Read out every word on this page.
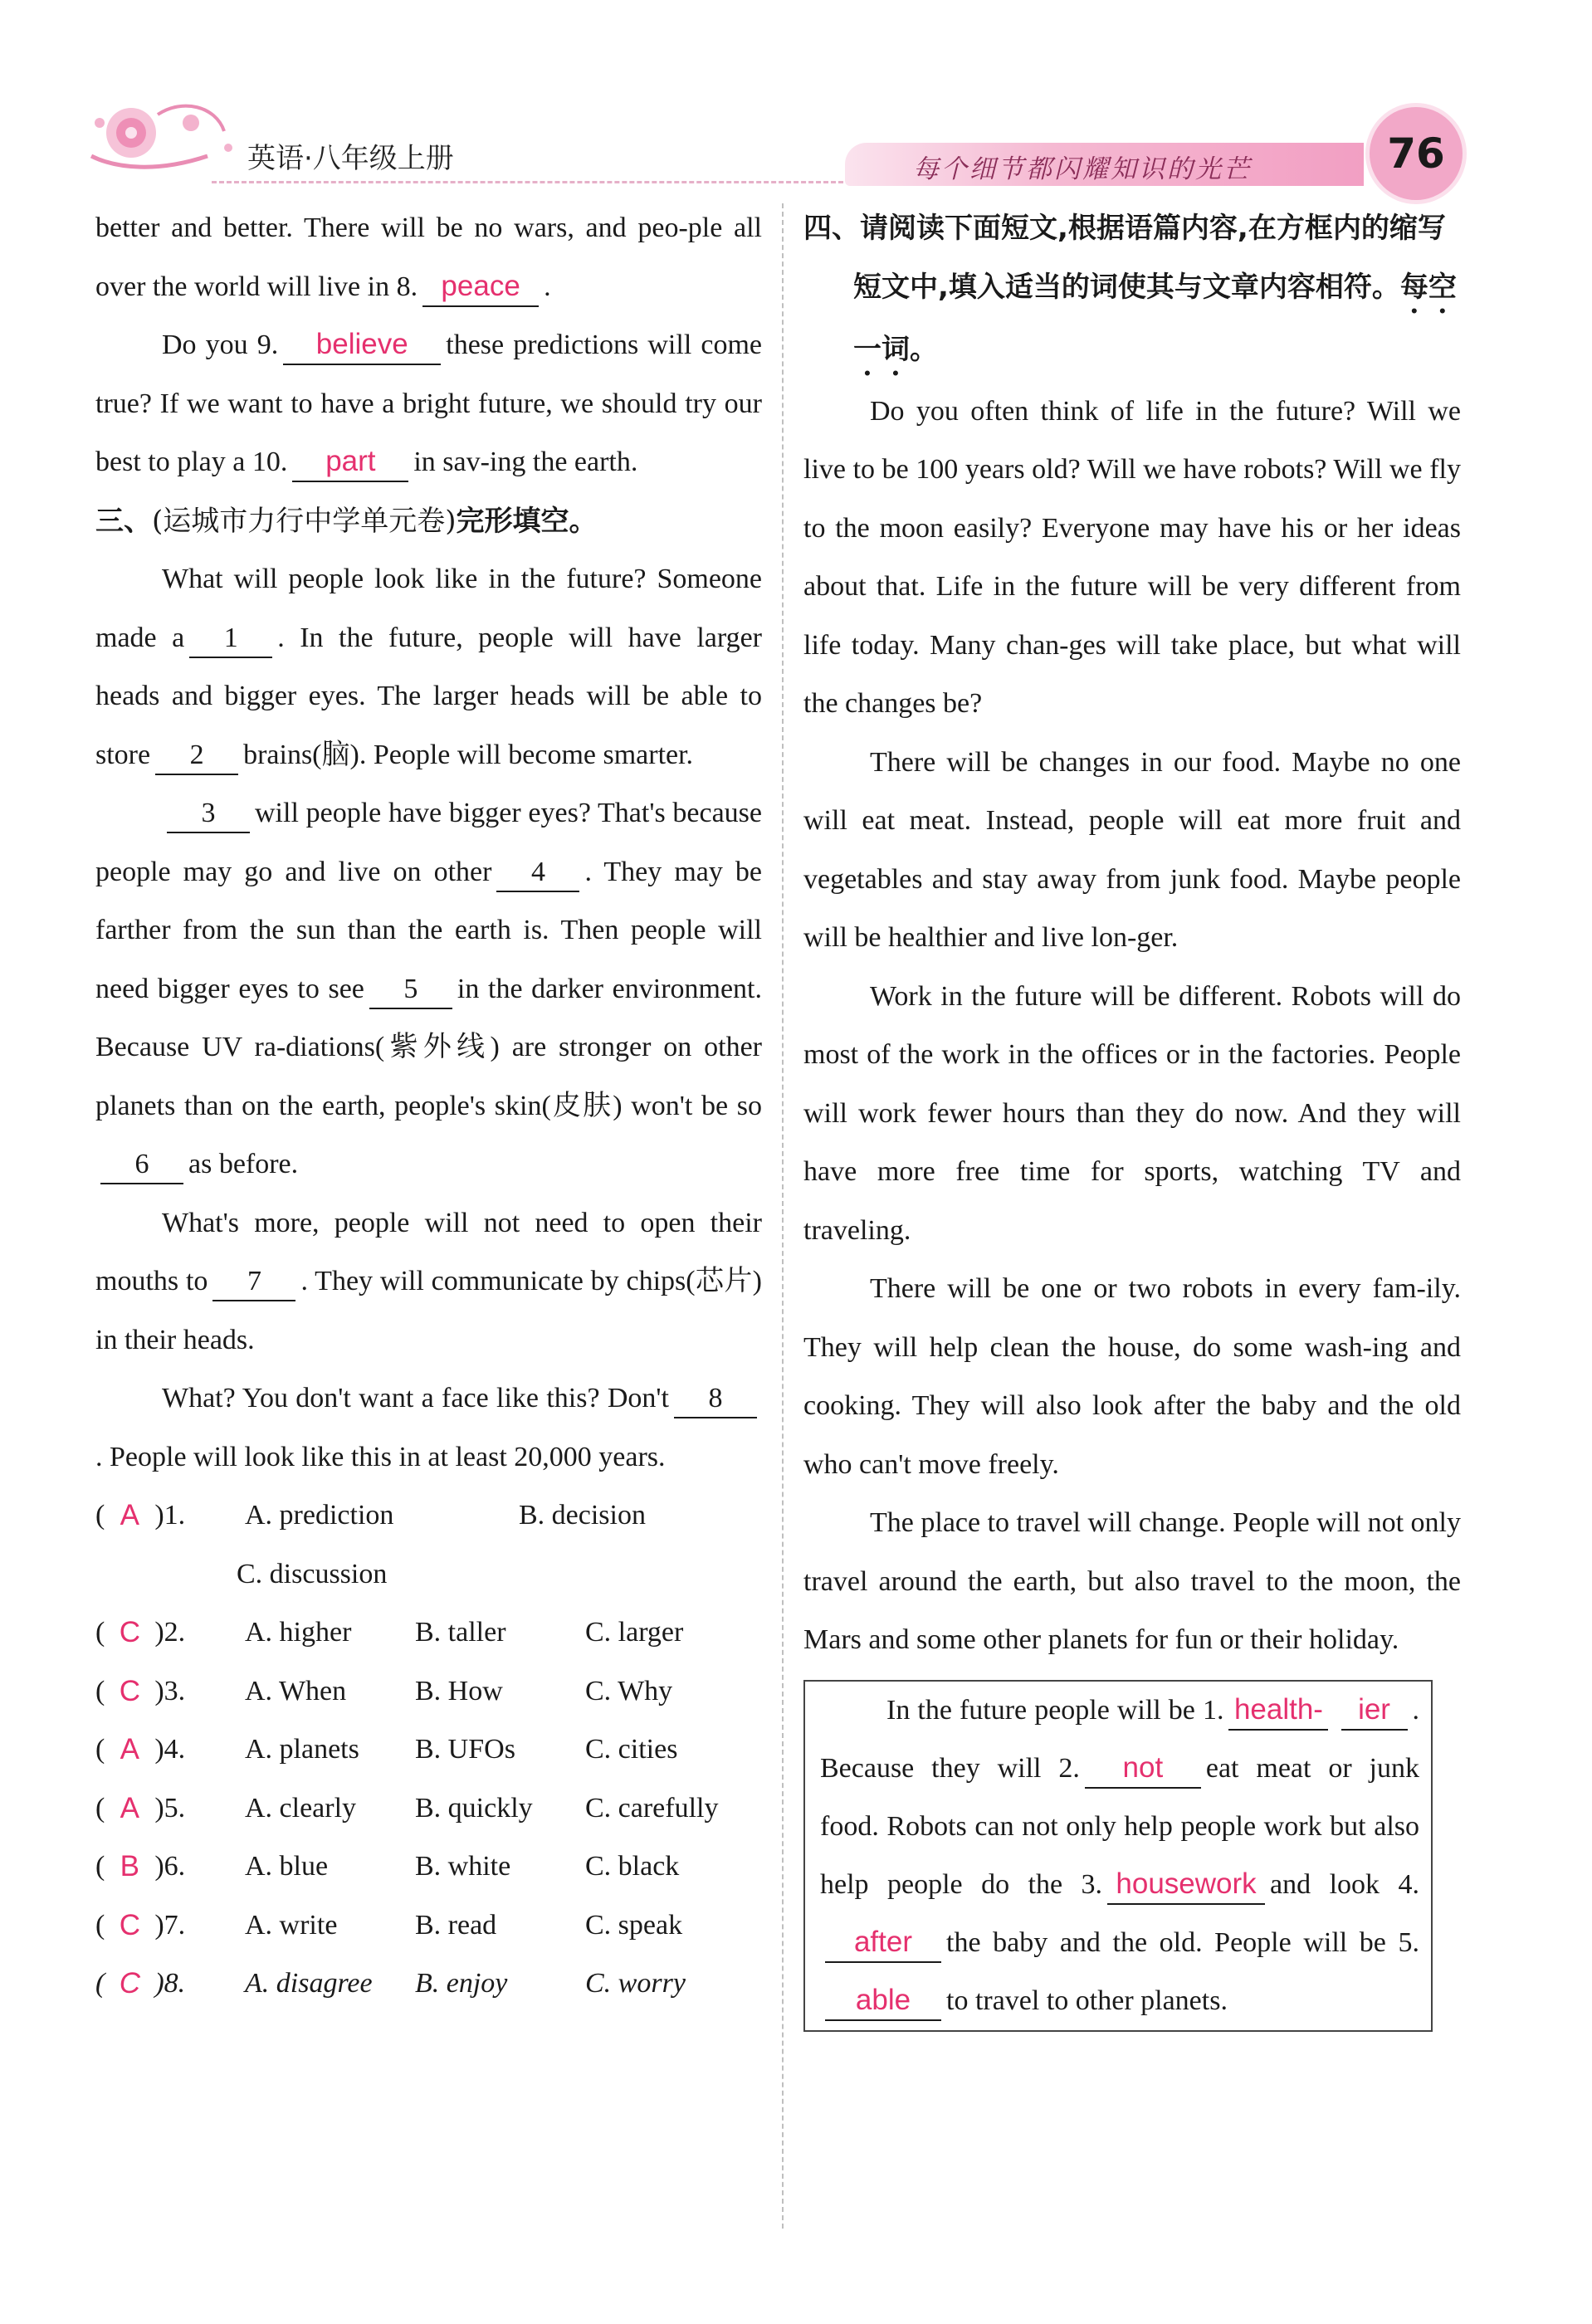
英语·八年级上册	每个细节都闪耀知识的光芒	76

better and better. There will be no wars, and peo-ple all over the world will live in 8. peace .

Do you 9. believe these predictions will come true? If we want to have a bright future, we should try our best to play a 10. part in sav-ing the earth.

三、(运城市力行中学单元卷)完形填空。

What will people look like in the future? Someone made a 1 . In the future, people will have larger heads and bigger eyes. The larger heads will be able to store 2 brains(脑). People will become smarter.

3 will people have bigger eyes? That's because people may go and live on other 4 . They may be farther from the sun than the earth is. Then people will need bigger eyes to see 5 in the darker environment. Because UV ra-diations(紫外线) are stronger on other planets than on the earth, people's skin(皮肤) won't be so6 as before.

What's more, people will not need to open their mouths to 7 . They will communicate by chips(芯片) in their heads.

What? You don't want a face like this? Don't 8. People will look like this in at least 20,000 years.

( A ) 1. A. prediction	B. decision
C. discussion
( C ) 2. A. higher	B. taller	C. larger
( C ) 3. A. When	B. How	C. Why
( A ) 4. A. planets	B. UFOs	C. cities
( A ) 5. A. clearly	B. quickly	C. carefully
( B ) 6. A. blue	B. white	C. black
( C ) 7. A. write	B. read	C. speak
( C ) 8. A. disagree	B. enjoy	C. worry
四、请阅读下面短文,根据语篇内容,在方框内的缩写短文中,填入适当的词使其与文章内容相符。每空一词。

Do you often think of life in the future? Will we live to be 100 years old? Will we have robots? Will we fly to the moon easily? Everyone may have his or her ideas about that. Life in the future will be very different from life today. Many chan-ges will take place, but what will the changes be?

There will be changes in our food. Maybe no one will eat meat. Instead, people will eat more fruit and vegetables and stay away from junk food. Maybe people will be healthier and live lon-ger.

Work in the future will be different. Robots will do most of the work in the offices or in the factories. People will work fewer hours than they do now. And they will have more free time for sports, watching TV and traveling.

There will be one or two robots in every fam-ily. They will help clean the house, do some wash-ing and cooking. They will also look after the baby and the old who can't move freely.

The place to travel will change. People will not only travel around the earth, but also travel to the moon, the Mars and some other planets for fun or their holiday.

In the future people will be 1. health- ier . Because they will 2. not eat meat or junk food. Robots can not only help people work but also help people do the 3. housework and look 4.after the baby and the old. People will be 5.able to travel to other planets.
